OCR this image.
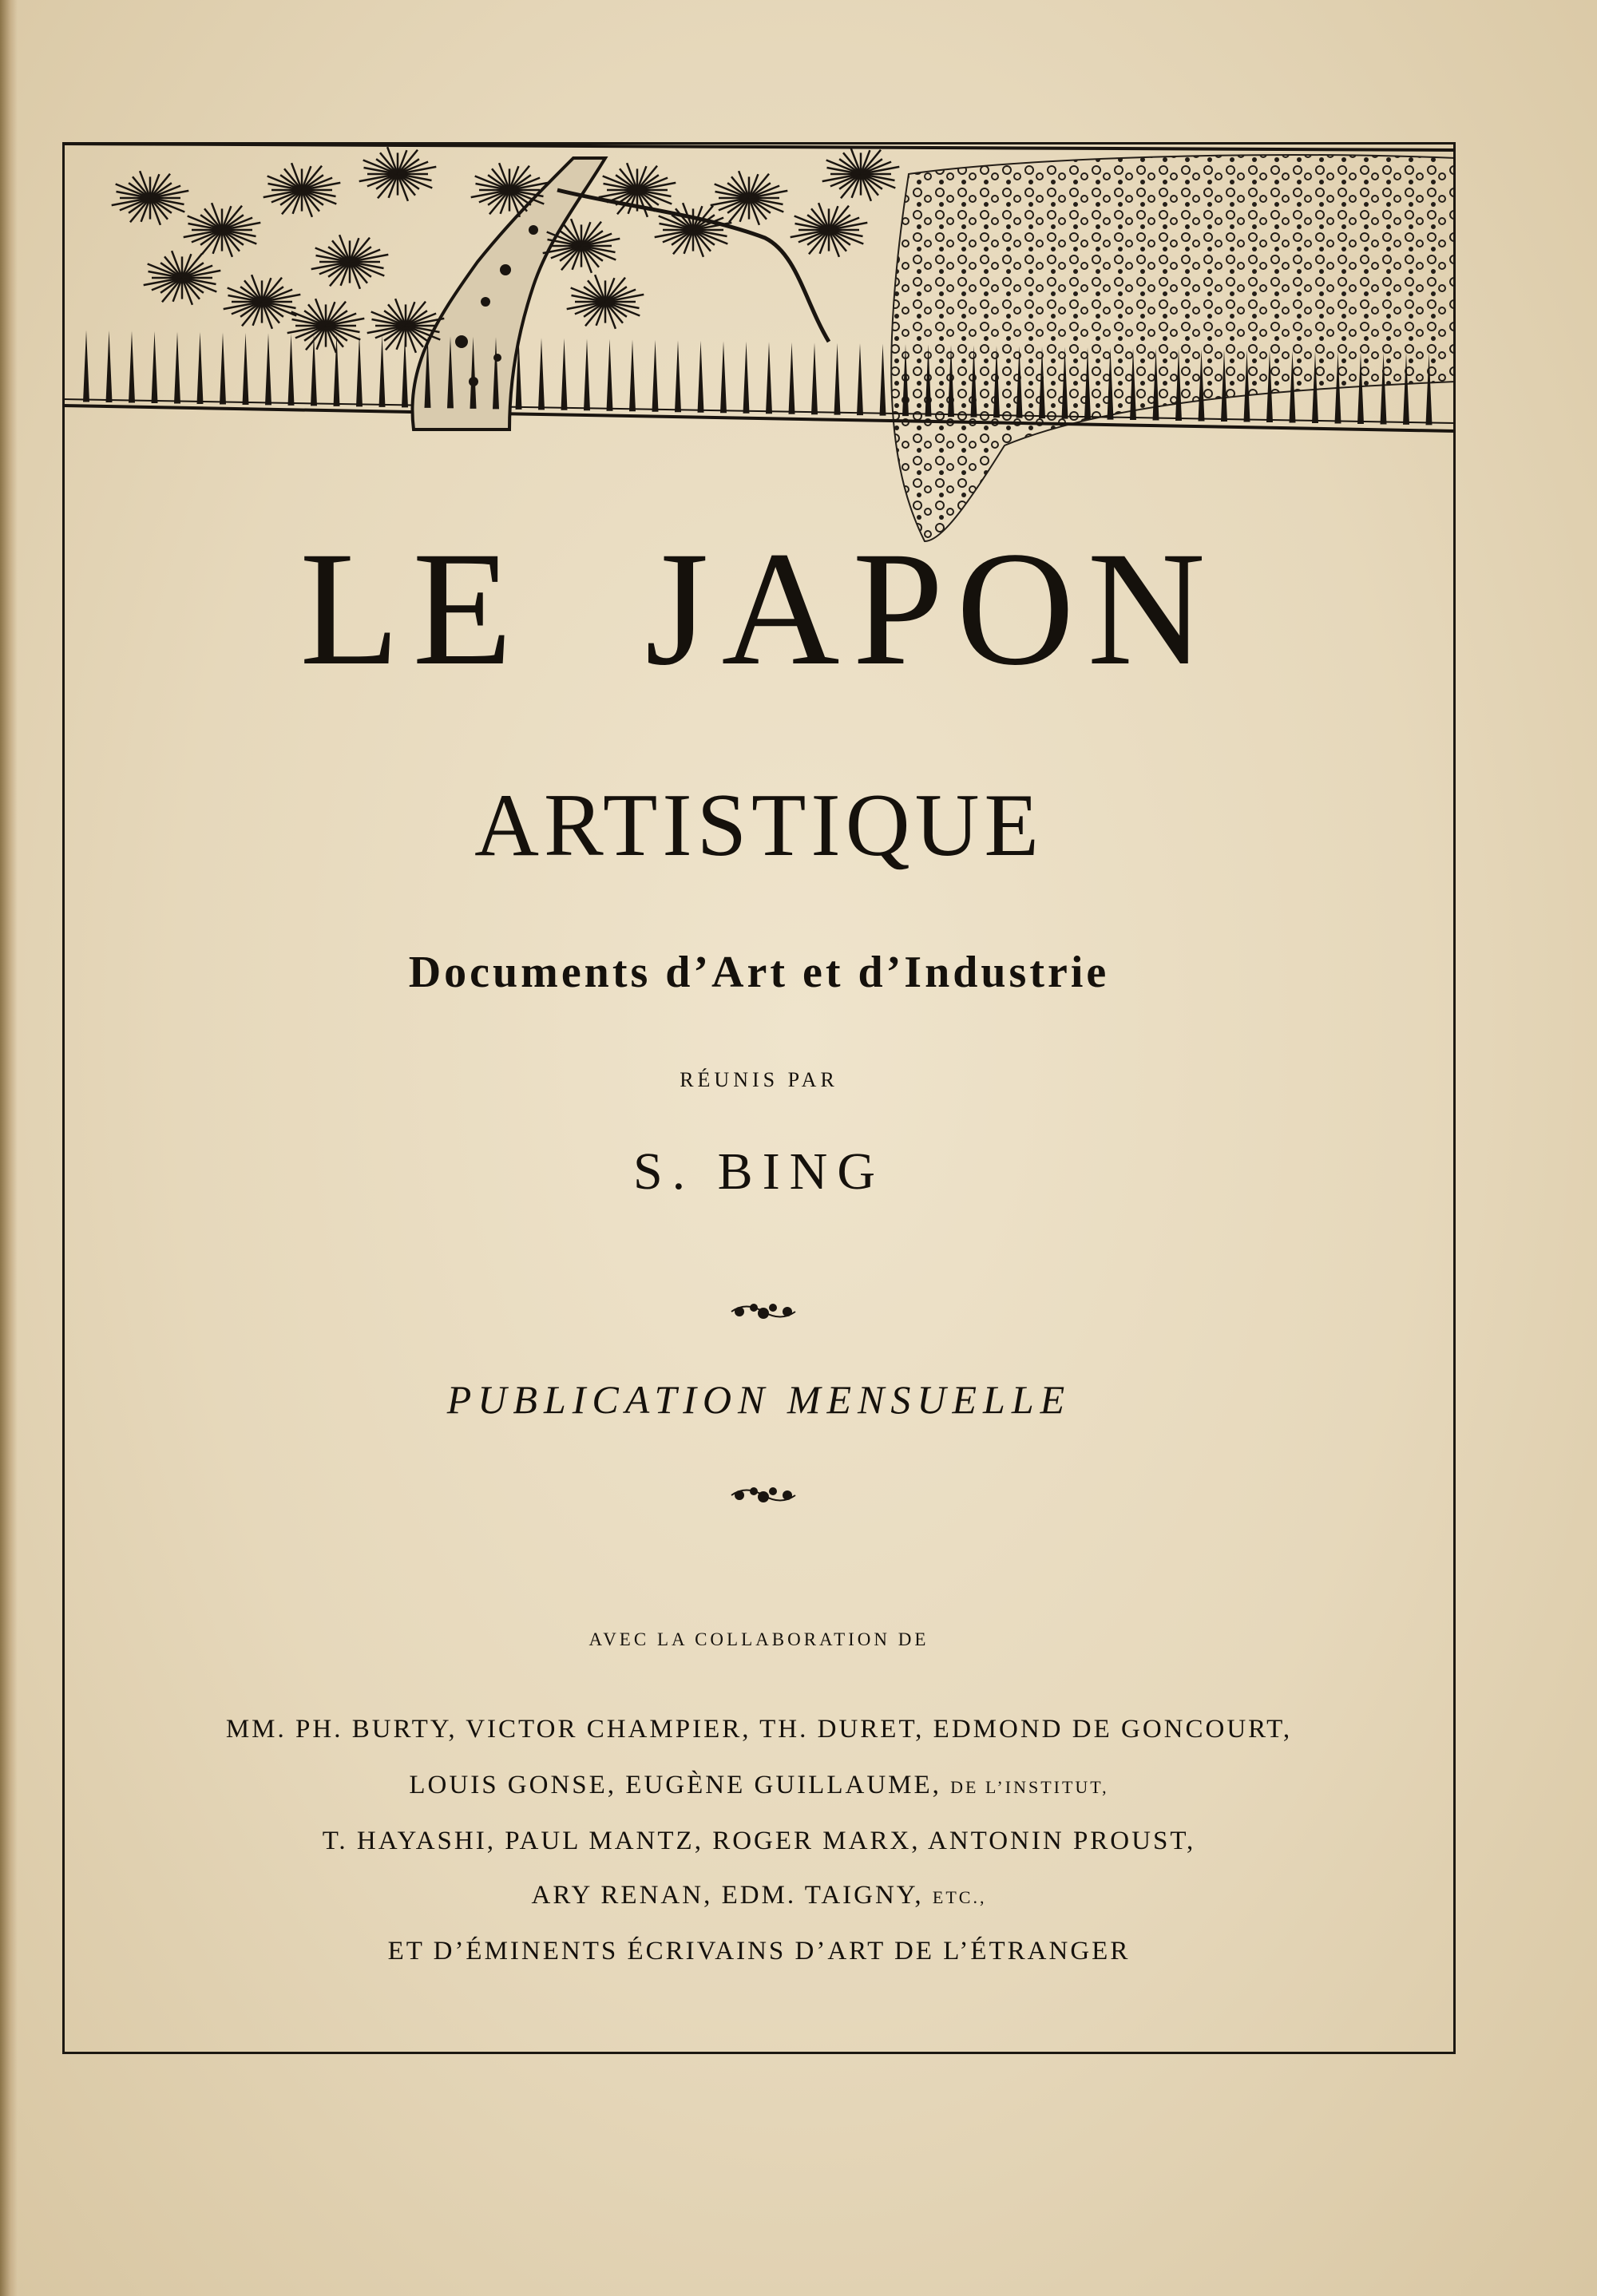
LE JAPON
ARTISTIQUE
Documents d’Art et d’Industrie
RÉUNIS PAR
S. BING
PUBLICATION MENSUELLE
AVEC LA COLLABORATION DE
MM. PH. BURTY, VICTOR CHAMPIER, TH. DURET, EDMOND DE GONCOURT,
LOUIS GONSE, EUGÈNE GUILLAUME, DE L’INSTITUT,
T. HAYASHI, PAUL MANTZ, ROGER MARX, ANTONIN PROUST,
ARY RENAN, EDM. TAIGNY, ETC.,
ET D’ÉMINENTS ÉCRIVAINS D’ART DE L’ÉTRANGER
